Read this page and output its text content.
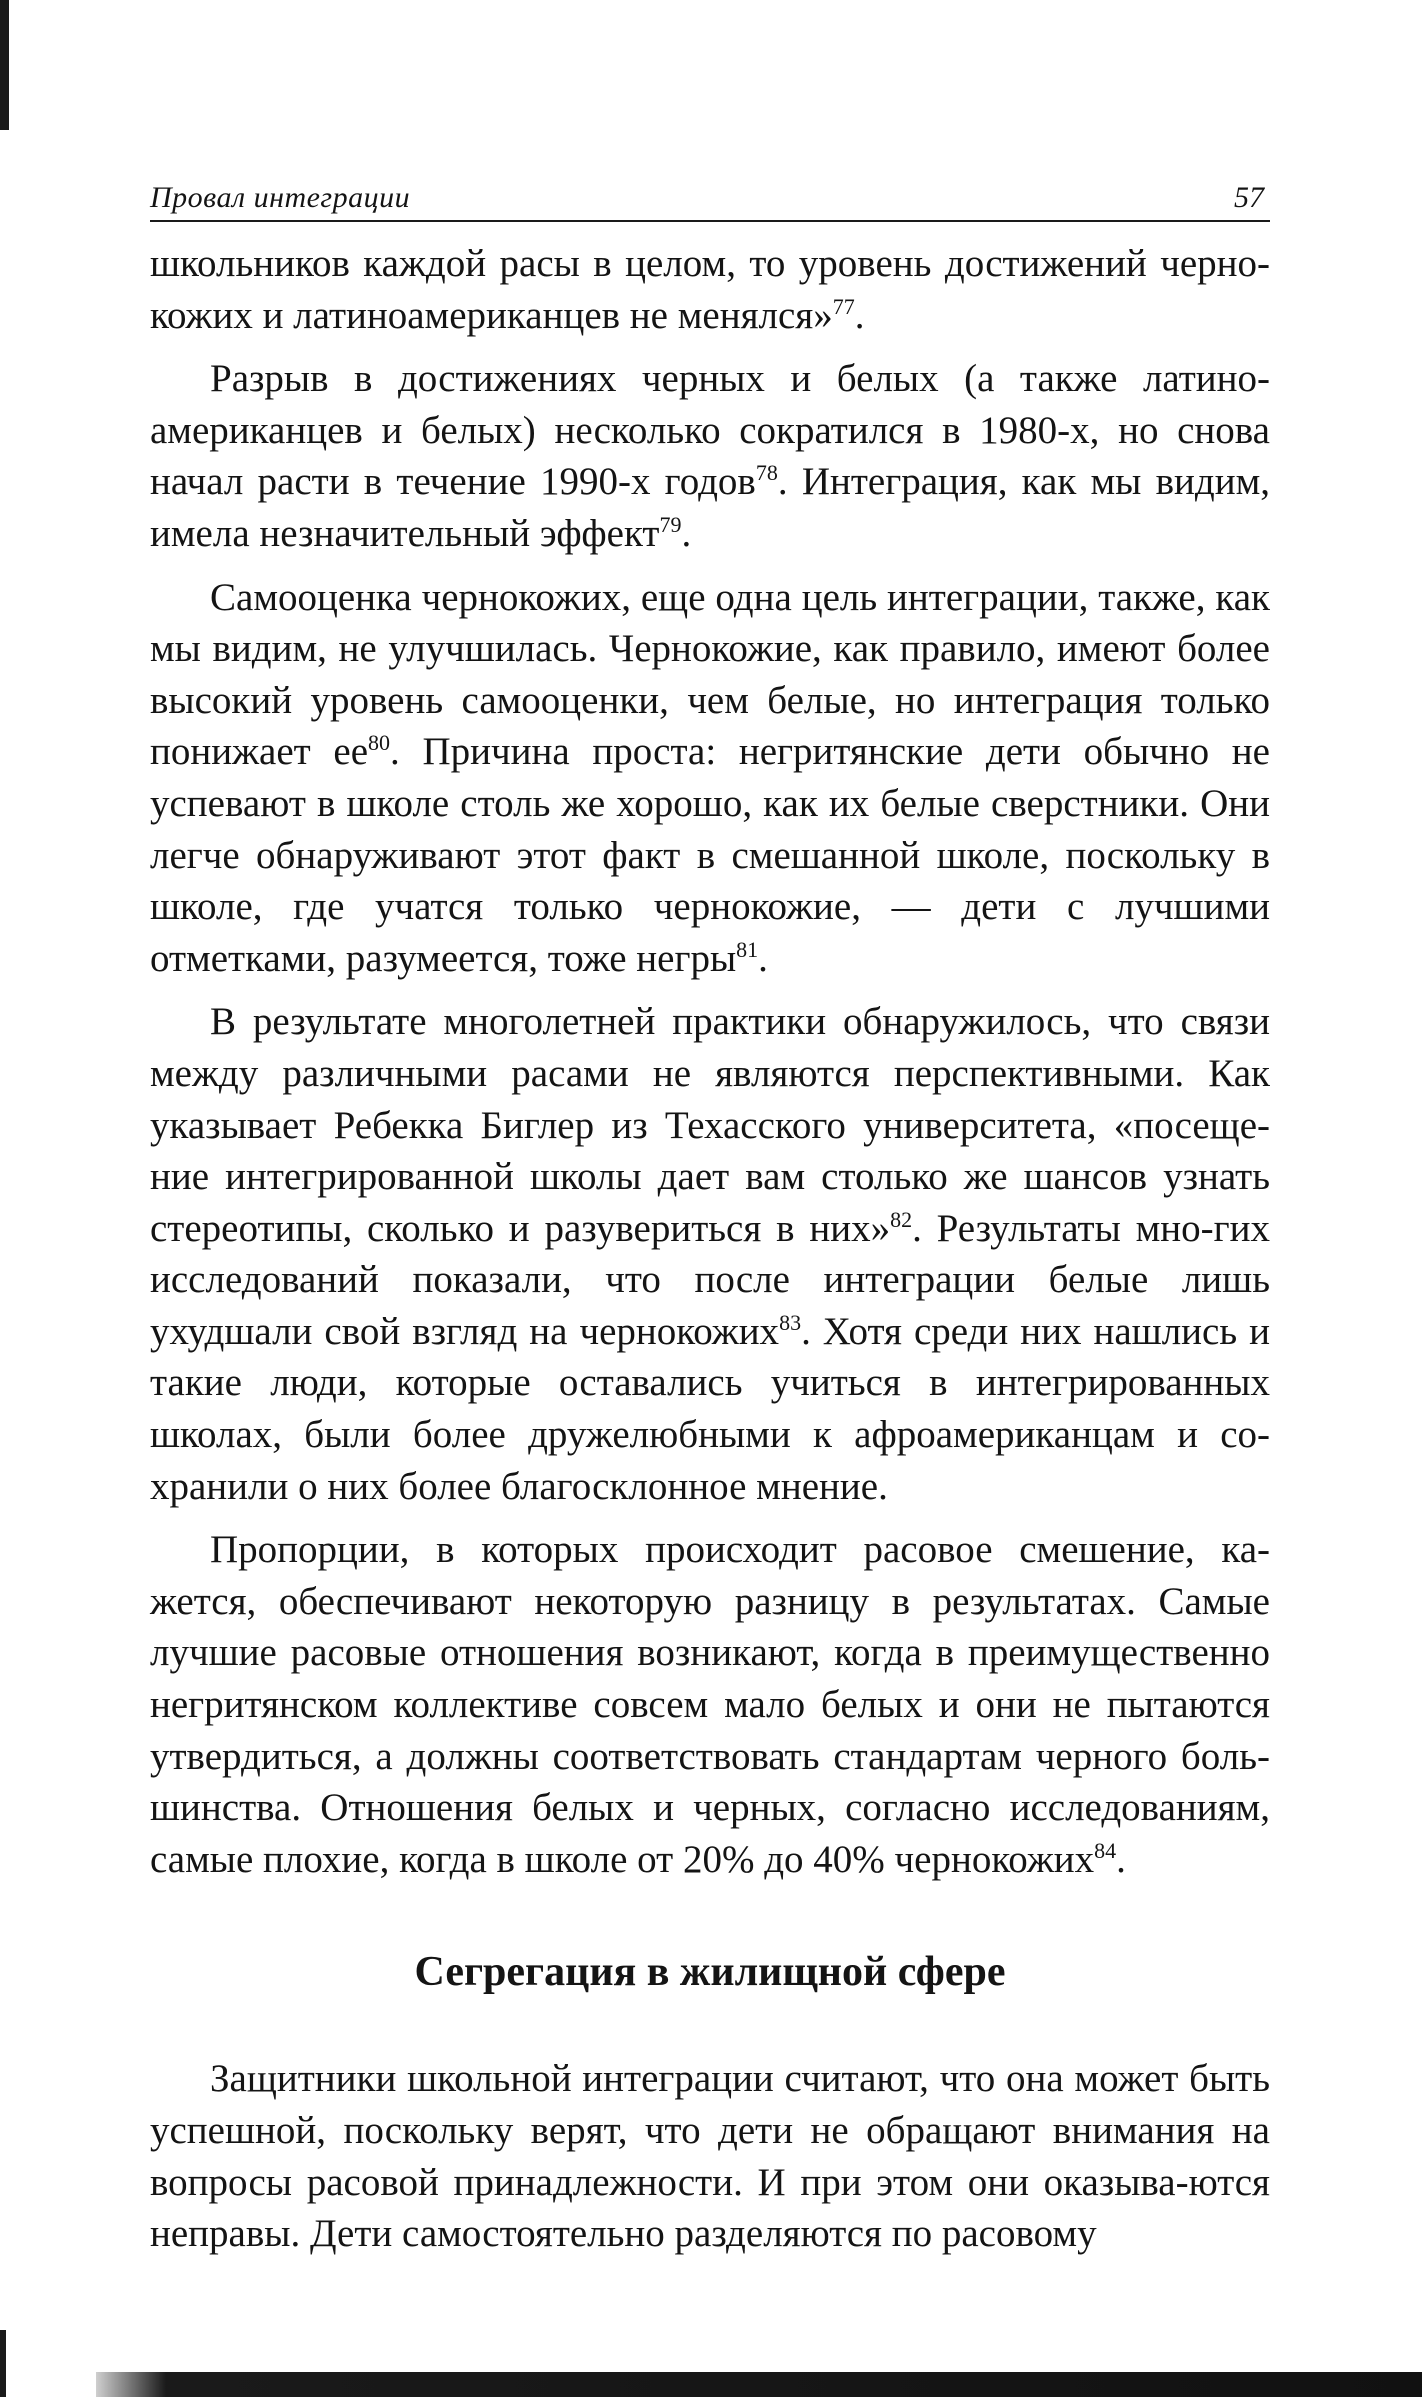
Провал интеграции	57

школьников каждой расы в целом, то уровень достижений черно-кожих и латиноамериканцев не менялся»$^{77}$.

Разрыв в достижениях черных и белых (а также латино-американцев и белых) несколько сократился в 1980-х, но снова начал расти в течение 1990-х годов$^{78}$. Интеграция, как мы видим, имела незначительный эффект$^{79}$.

Самооценка чернокожих, еще одна цель интеграции, также, как мы видим, не улучшилась. Чернокожие, как правило, имеют более высокий уровень самооценки, чем белые, но интеграция только понижает $ее^{80}$. Причина проста: негритянские дети обычно не успевают в школе столь же хорошо, как их белые сверстники. Они легче обнаруживают этот факт в смешанной школе, поскольку в школе, где учатся только чернокожие, — дети с лучшими отметками, разумеется, тоже негры$^{81}$.

В результате многолетней практики обнаружилось, что связи между различными расами не являются перспективными. Как указывает Ребекка Биглер из Техасского университета, «посеще-ние интегрированной школы дает вам столько же шансов узнать стереотипы, сколько и разувериться в них»$^{82}$. Результаты мно-гих исследований показали, что после интеграции белые лишь ухудшали свой взгляд на чернокожих$^{83}$. Хотя среди них нашлись и такие люди, которые оставались учиться в интегрированных школах, были более дружелюбными к афроамериканцам и со-хранили о них более благосклонное мнение.

Пропорции, в которых происходит расовое смешение, ка-жется, обеспечивают некоторую разницу в результатах. Самые лучшие расовые отношения возникают, когда в преимущественно негритянском коллективе совсем мало белых и они не пытаются утвердиться, а должны соответствовать стандартам черного боль-шинства. Отношения белых и черных, согласно исследованиям, самые плохие, когда в школе от 20% до 40% чернокожих$^{84}$.

Сегрегация в жилищной сфере

Защитники школьной интеграции считают, что она может быть успешной, поскольку верят, что дети не обращают внимания на вопросы расовой принадлежности. И при этом они оказыва-ются неправы. Дети самостоятельно разделяются по расовому
